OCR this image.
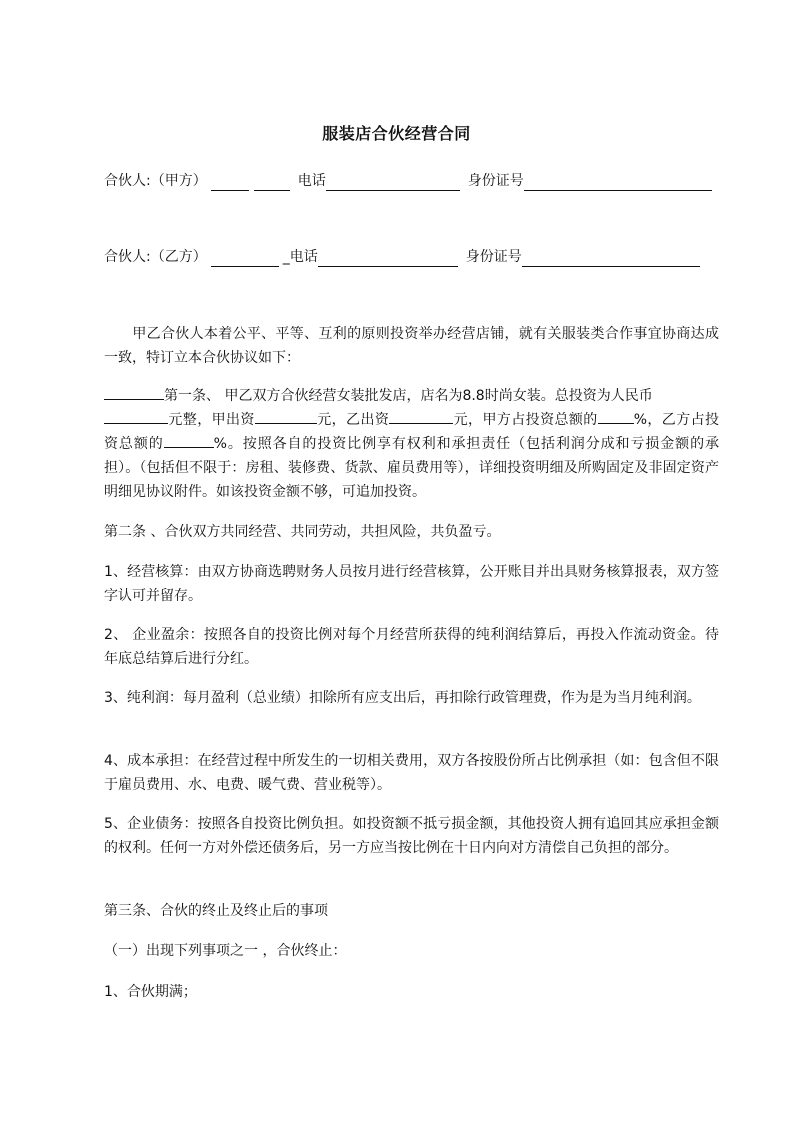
服装店合伙经营合同
合伙人:（甲方）	电话	身份证号
合伙人:（乙方）	_电话	身份证号
甲乙合伙人本着公平、平等、互利的原则投资举办经营店铺，就有关服装类合作事宜协商达成一致，特订立本合伙协议如下：
第一条、 甲乙双方合伙经营女装批发店，店名为8.8时尚女装。总投资为人民币
元整，甲出资	元，乙出资	元，甲方占投资总额的	%，乙方占投资总额的	%。按照各自的投资比例享有权利和承担责任（包括利润分成和亏损金额的承担）。（包括但不限于：房租、装修费、货款、雇员费用等），详细投资明细及所购固定及非固定资产明细见协议附件。如该投资金额不够，可追加投资。
第二条 、合伙双方共同经营、共同劳动，共担风险，共负盈亏。
1、经营核算：由双方协商选聘财务人员按月进行经营核算，公开账目并出具财务核算报表，双方签字认可并留存。
2、 企业盈余：按照各自的投资比例对每个月经营所获得的纯利润结算后，再投入作流动资金。待年底总结算后进行分红。
3、纯利润：每月盈利（总业绩）扣除所有应支出后，再扣除行政管理费，作为是为当月纯利润。
4、成本承担：在经营过程中所发生的一切相关费用，双方各按股份所占比例承担（如：包含但不限于雇员费用、水、电费、暖气费、营业税等）。
5、企业债务：按照各自投资比例负担。如投资额不抵亏损金额，其他投资人拥有追回其应承担金额的权利。任何一方对外偿还债务后，另一方应当按比例在十日内向对方清偿自己负担的部分。
第三条、合伙的终止及终止后的事项
（一）出现下列事项之一 ，合伙终止：
1、合伙期满；
